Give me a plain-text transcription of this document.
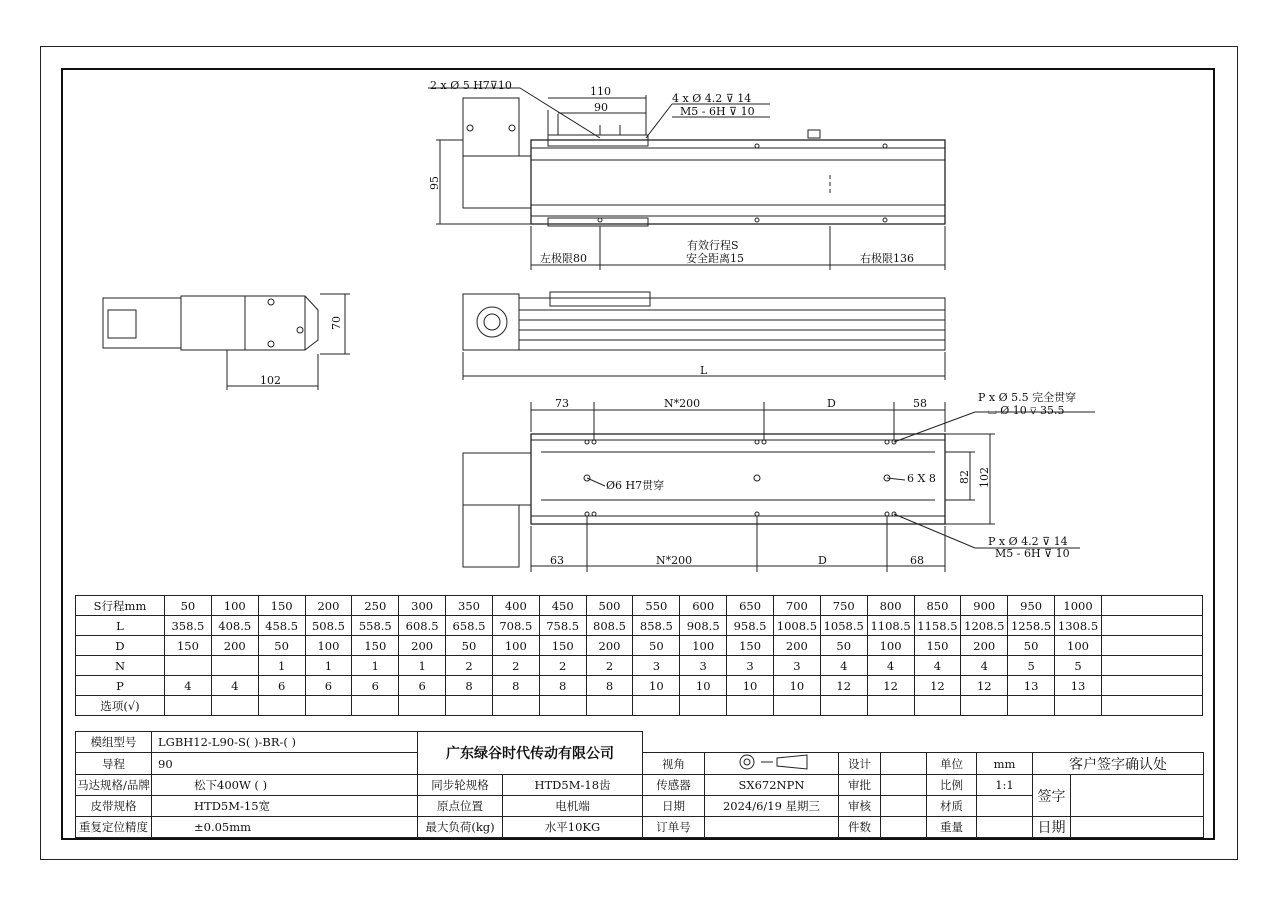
2 x Ø 5 H7⊽10
4 x Ø 4.2 ⊽ 14
M5 - 6H ⊽ 10
110
90
95
左极限80
有效行程S
安全距离15	右极限136
70
102
L
73	N*200	D	58
63	N*200	D	68
82 102
P x Ø 5.5 完全贯穿
⌴ Ø 10 ⊽ 35.5
Ø6 H7贯穿
6 X 8
P x Ø 4.2 ⊽ 14
M5 - 6H ⊽ 10
S行程mm	50	100	150	200	250	300	350	400	450	500	550	600	650	700	750	800	850	900	950	1000	
L	358.5	408.5	458.5	508.5	558.5	608.5	658.5	708.5	758.5	808.5	858.5	908.5	958.5	1008.5	1058.5	1108.5	1158.5	1208.5	1258.5	1308.5	
D	150	200	50	100	150	200	50	100	150	200	50	100	150	200	50	100	150	200	50	100	
N			1	1	1	1	2	2	2	2	3	3	3	3	4	4	4	4	5	5	
P	4	4	6	6	6	6	8	8	8	8	10	10	10	10	12	12	12	12	13	13	
选项(√)																					
模组型号	LGBH12-L90-S( )-BR-( )	广东绿谷时代传动有限公司									
导程	90			视角		设计		单位	mm	客户签字确认处	
马达规格/品牌	松下400W ( )	同步轮规格	HTD5M-18齿	传感器	SX672NPN	审批		比例	1:1	签字	
皮带规格	HTD5M-15宽	原点位置	电机端	日期	2024/6/19 星期三	审核		材质			
重复定位精度	±0.05mm	最大负荷(kg)	水平10KG	订单号		件数		重量		日期	
